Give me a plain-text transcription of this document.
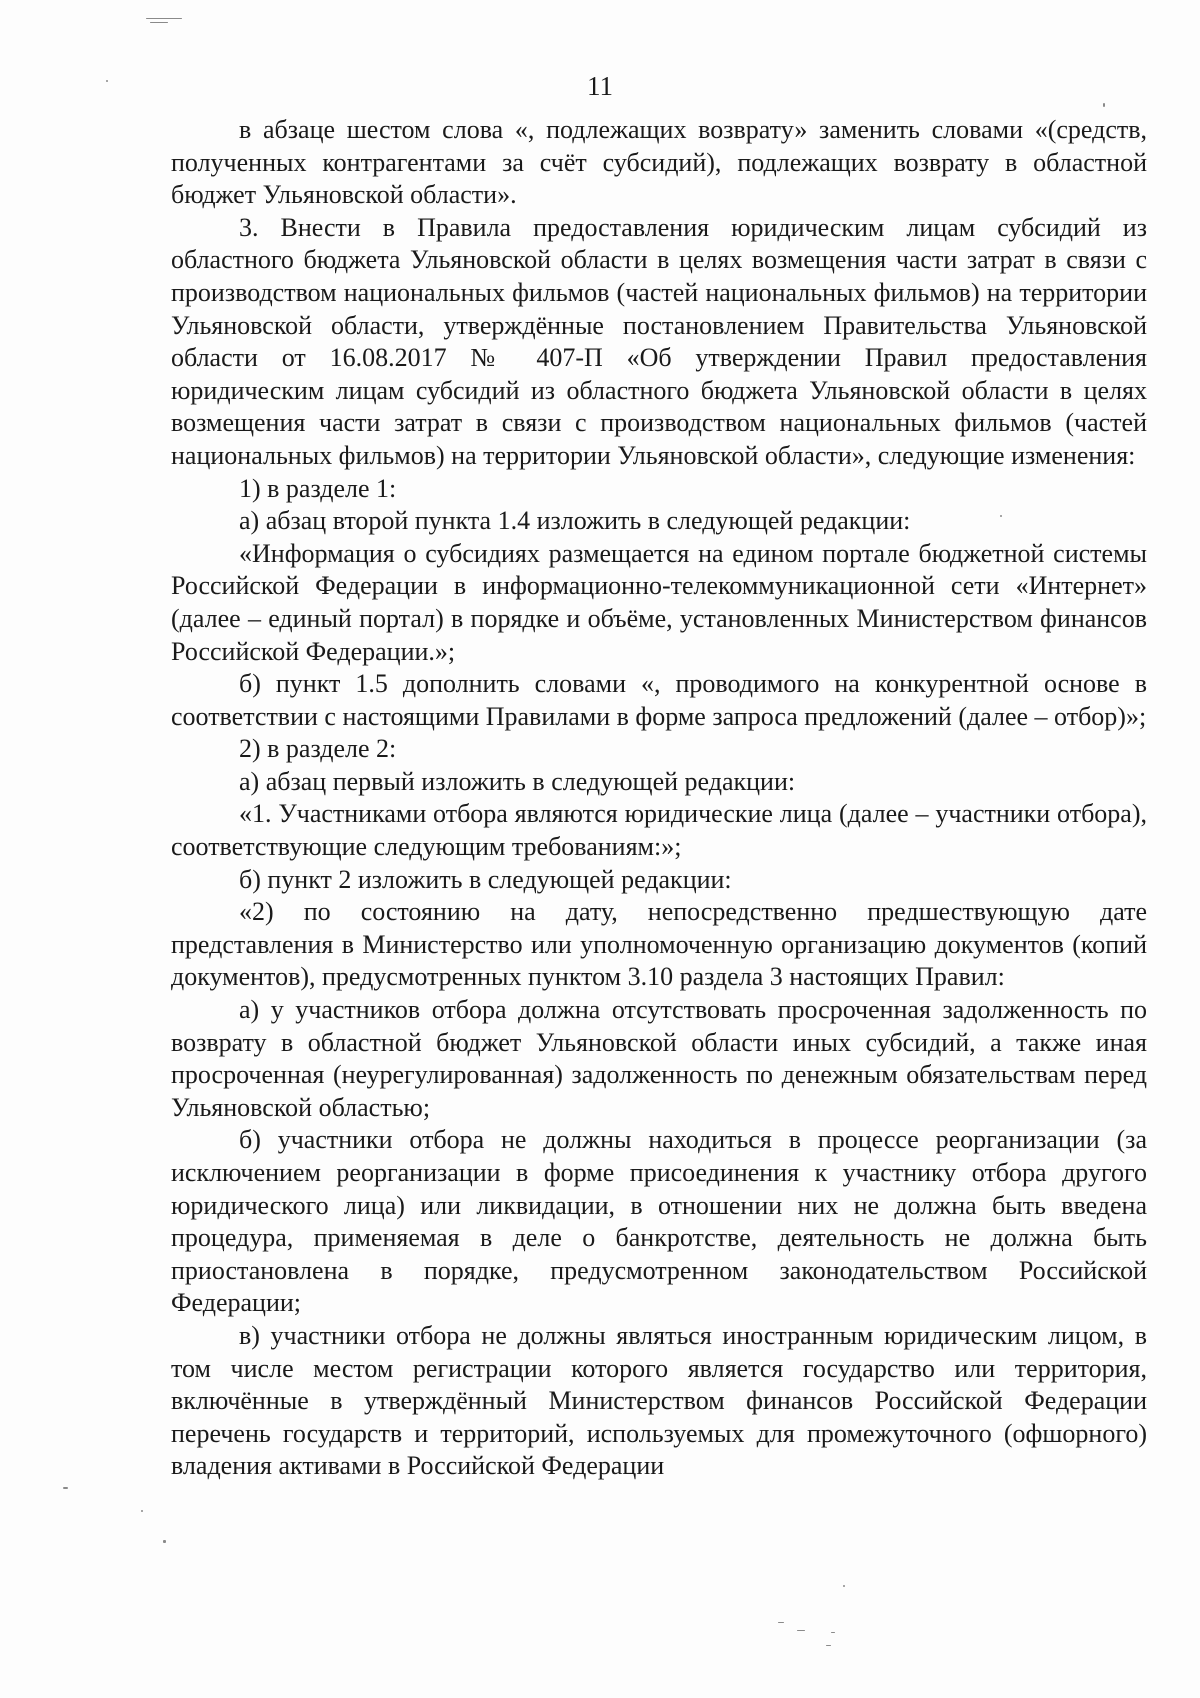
11

в абзаце шестом слова «, подлежащих возврату» заменить словами «(средств, полученных контрагентами за счёт субсидий), подлежащих возврату в областной бюджет Ульяновской области».

3. Внести в Правила предоставления юридическим лицам субсидий из областного бюджета Ульяновской области в целях возмещения части затрат в связи с производством национальных фильмов (частей национальных фильмов) на территории Ульяновской области, утверждённые постановлением Правительства Ульяновской области от 16.08.2017 № 407-П «Об утверждении Правил предоставления юридическим лицам субсидий из областного бюджета Ульяновской области в целях возмещения части затрат в связи с производством национальных фильмов (частей национальных фильмов) на территории Ульяновской области», следующие изменения:

1) в разделе 1:

а) абзац второй пункта 1.4 изложить в следующей редакции:

«Информация о субсидиях размещается на едином портале бюджетной системы Российской Федерации в информационно-телекоммуникационной сети «Интернет» (далее – единый портал) в порядке и объёме, установленных Министерством финансов Российской Федерации.»;

б) пункт 1.5 дополнить словами «, проводимого на конкурентной основе в соответствии с настоящими Правилами в форме запроса предложений (далее – отбор)»;

2) в разделе 2:

а) абзац первый изложить в следующей редакции:

«1. Участниками отбора являются юридические лица (далее – участники отбора), соответствующие следующим требованиям:»;

б) пункт 2 изложить в следующей редакции:

«2) по состоянию на дату, непосредственно предшествующую дате представления в Министерство или уполномоченную организацию документов (копий документов), предусмотренных пунктом 3.10 раздела 3 настоящих Правил:

а) у участников отбора должна отсутствовать просроченная задолженность по возврату в областной бюджет Ульяновской области иных субсидий, а также иная просроченная (неурегулированная) задолженность по денежным обязательствам перед Ульяновской областью;

б) участники отбора не должны находиться в процессе реорганизации (за исключением реорганизации в форме присоединения к участнику отбора другого юридического лица) или ликвидации, в отношении них не должна быть введена процедура, применяемая в деле о банкротстве, деятельность не должна быть приостановлена в порядке, предусмотренном законодательством Российской Федерации;

в) участники отбора не должны являться иностранным юридическим лицом, в том числе местом регистрации которого является государство или территория, включённые в утверждённый Министерством финансов Российской Федерации перечень государств и территорий, используемых для промежуточного (офшорного) владения активами в Российской Федерации
